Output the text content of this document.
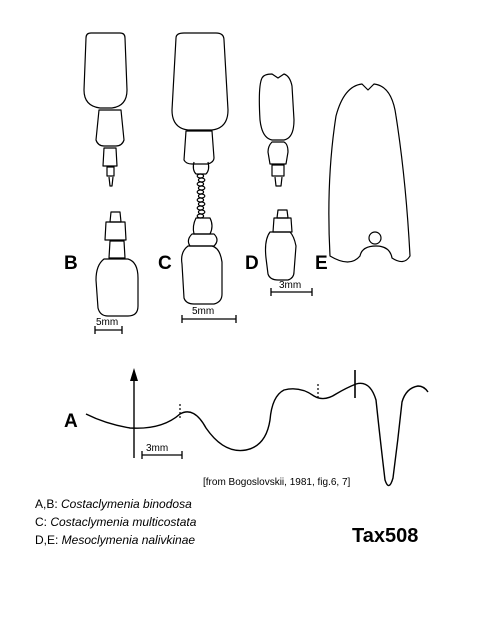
B	C	D	E
A
5mm
5mm
3mm
3mm
[from Bogoslovskii, 1981, fig.6, 7]
A,B: Costaclymenia binodosa
C: Costaclymenia multicostata
D,E: Mesoclymenia nalivkinae	Tax508
